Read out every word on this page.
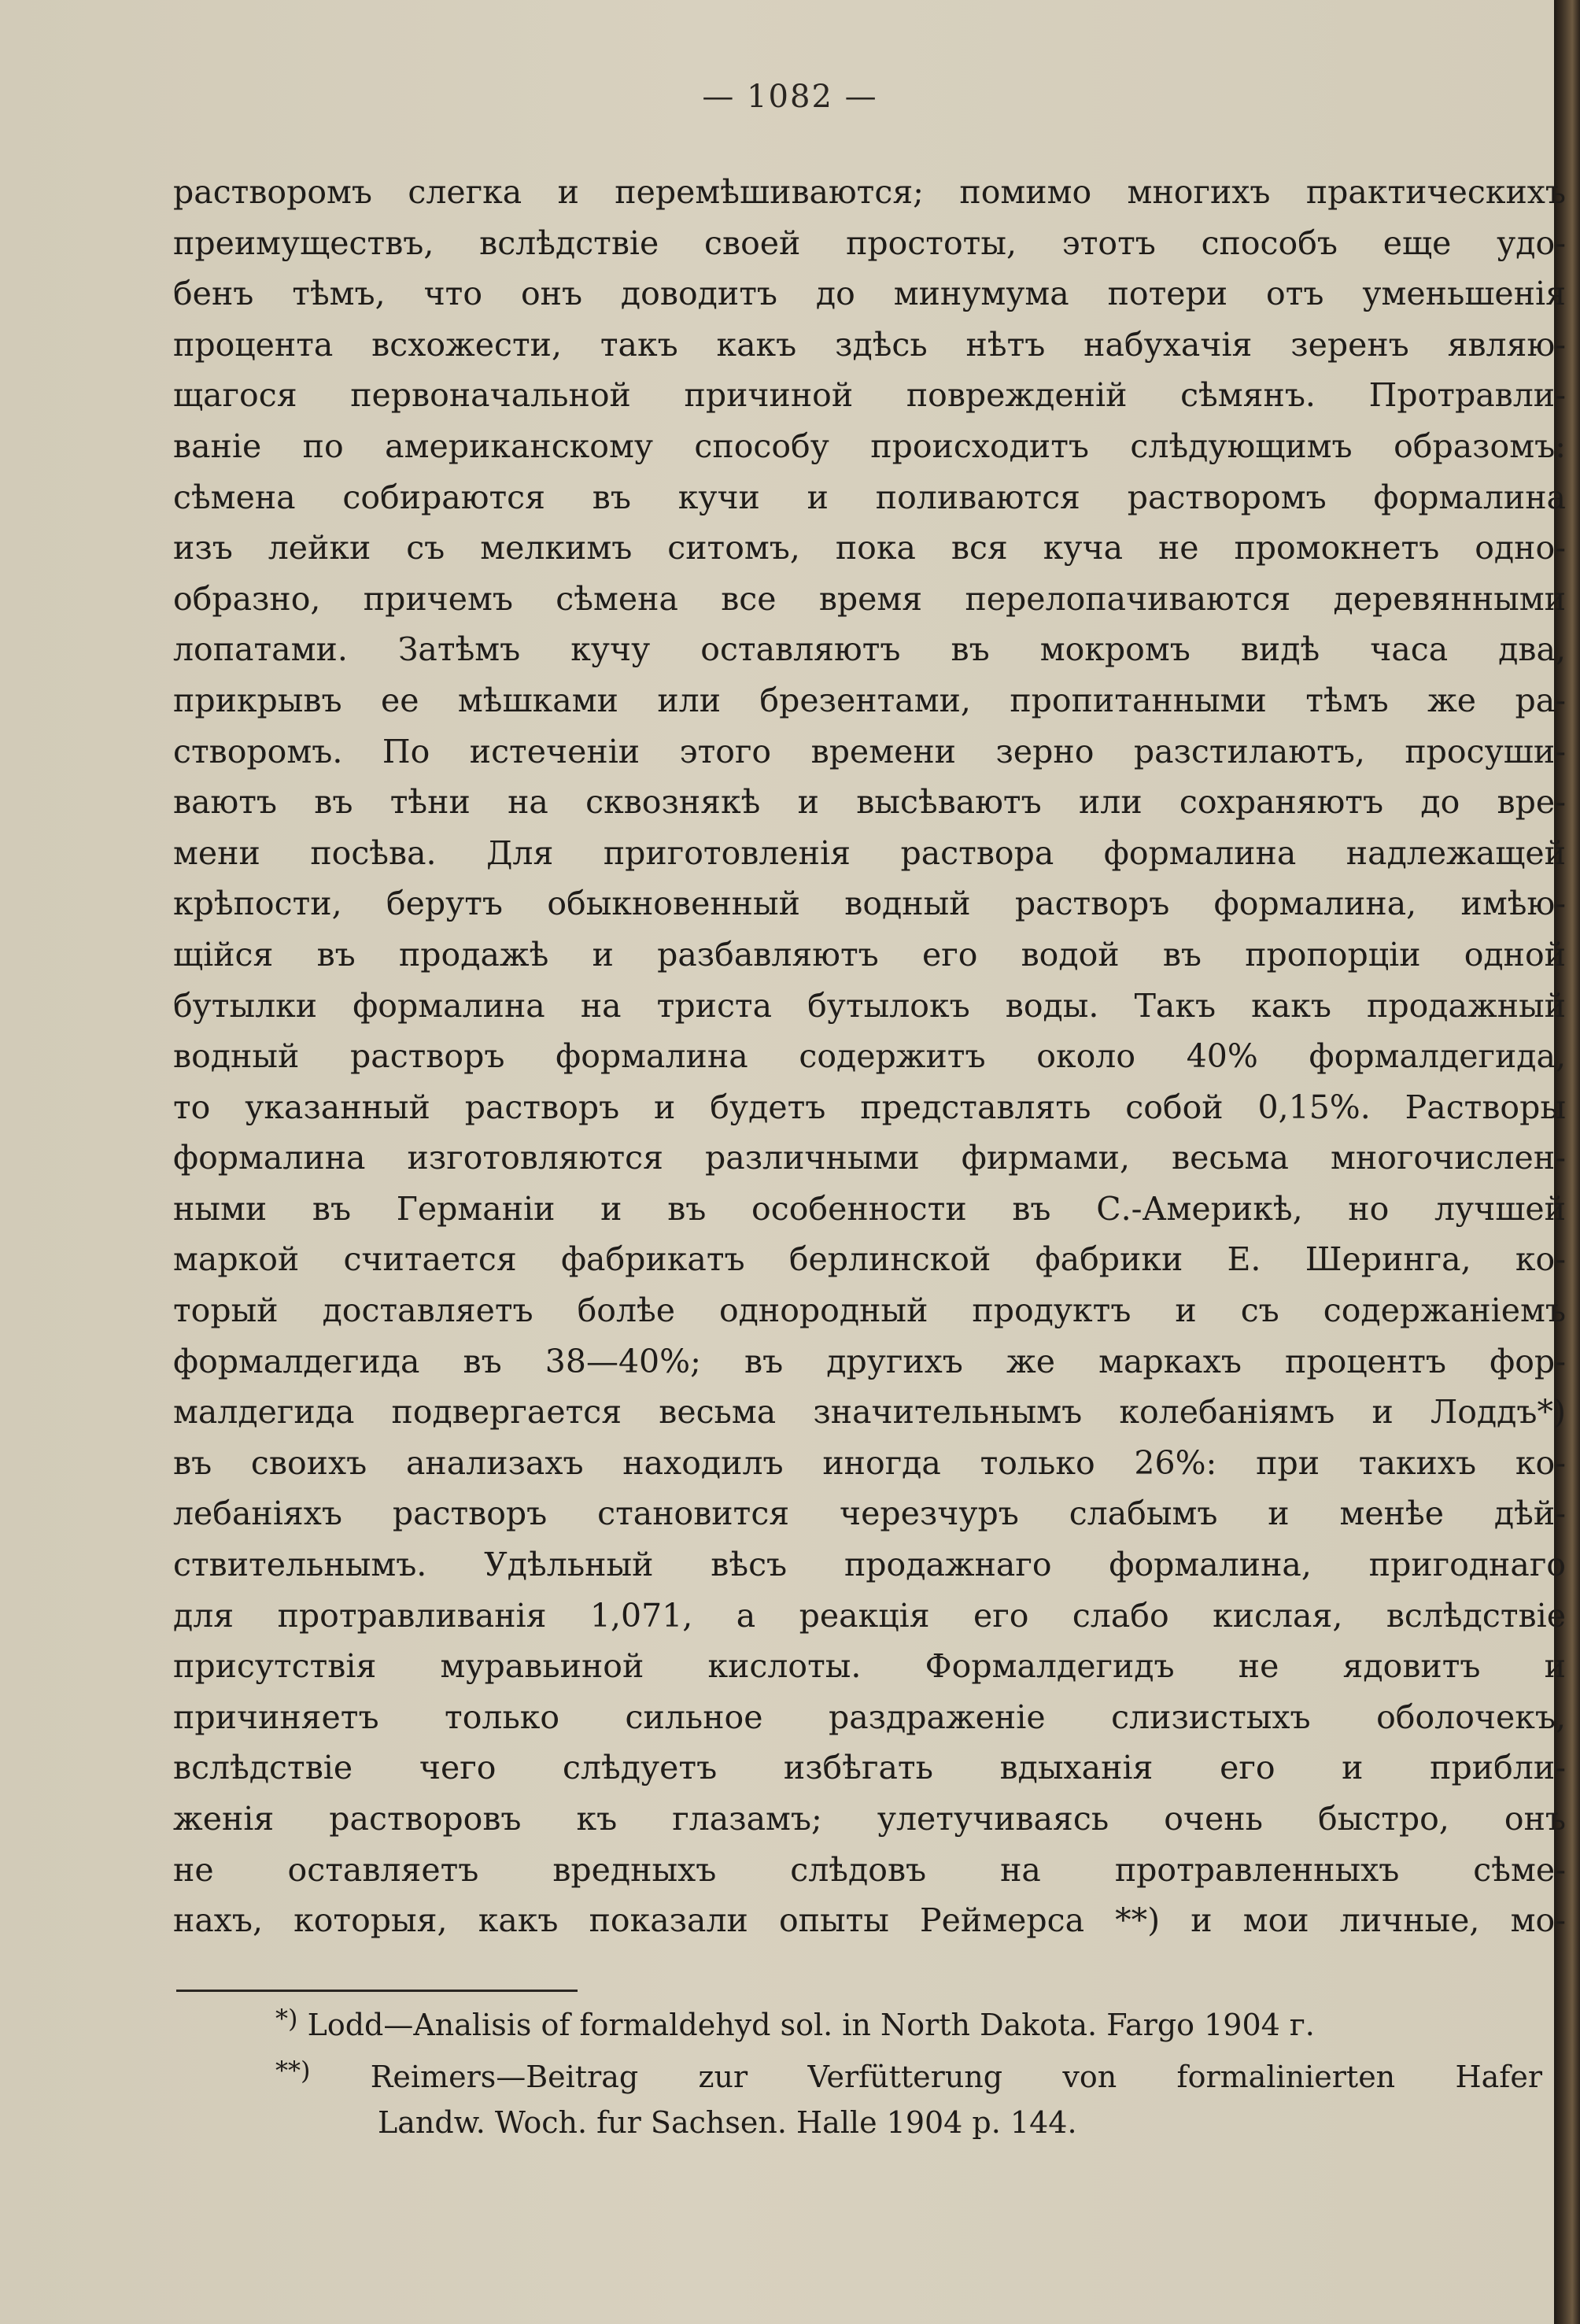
— 1082 —
растворомъ слегка и перемѣшиваются; помимо многихъ практическихъ
преимуществъ, вслѣдствіе своей простоты, этотъ способъ еще удо-
бенъ тѣмъ, что онъ доводитъ до минумума потери отъ уменьшенія
процента всхожести, такъ какъ здѣсь нѣтъ набухачія зеренъ являю-
щагося первоначальной причиной поврежденій сѣмянъ. Протравли-
ваніе по американскому способу происходитъ слѣдующимъ образомъ:
сѣмена собираются въ кучи и поливаются растворомъ формалина
изъ лейки съ мелкимъ ситомъ, пока вся куча не промокнетъ одно-
образно, причемъ сѣмена все время перелопачиваются деревянными
лопатами. Затѣмъ кучу оставляютъ въ мокромъ видѣ часа два,
прикрывъ ее мѣшками или брезентами, пропитанными тѣмъ же ра-
створомъ. По истеченіи этого времени зерно разстилаютъ, просуши-
ваютъ въ тѣни на сквознякѣ и высѣваютъ или сохраняютъ до вре-
мени посѣва. Для приготовленія раствора формалина надлежащей
крѣпости, берутъ обыкновенный водный растворъ формалина, имѣю-
щійся въ продажѣ и разбавляютъ его водой въ пропорціи одной
бутылки формалина на триста бутылокъ воды. Такъ какъ продажный
водный растворъ формалина содержитъ около 40% формалдегида,
то указанный растворъ и будетъ представлять собой 0,15%. Растворы
формалина изготовляются различными фирмами, весьма многочислен-
ными въ Германіи и въ особенности въ С.-Америкѣ, но лучшей
маркой считается фабрикатъ берлинской фабрики Е. Шеринга, ко-
торый доставляетъ болѣе однородный продуктъ и съ содержаніемъ
формалдегида въ 38—40%; въ другихъ же маркахъ процентъ фор-
малдегида подвергается весьма значительнымъ колебаніямъ и Лоддъ*)
въ своихъ анализахъ находилъ иногда только 26%: при такихъ ко-
лебаніяхъ растворъ становится черезчуръ слабымъ и менѣе дѣй-
ствительнымъ. Удѣльный вѣсъ продажнаго формалина, пригоднаго
для протравливанія 1,071, а реакція его слабо кислая, вслѣдствіе
присутствія муравьиной кислоты. Формалдегидъ не ядовитъ и
причиняетъ только сильное раздраженіе слизистыхъ оболочекъ,
вслѣдствіе чего слѣдуетъ избѣгать вдыханія его и прибли-
женія растворовъ къ глазамъ; улетучиваясь очень быстро, онъ
не оставляетъ вредныхъ слѣдовъ на протравленныхъ сѣме-
нахъ, которыя, какъ показали опыты Реймерса **) и мои личные, мо-
*) Lodd—Analisis of formaldehyd sol. in North Dakota. Fargo 1904 г.
**) Reimers—Beitrag zur Verfütterung von formalinierten Hafer
Landw. Woch. fur Sachsen. Halle 1904 р. 144.
